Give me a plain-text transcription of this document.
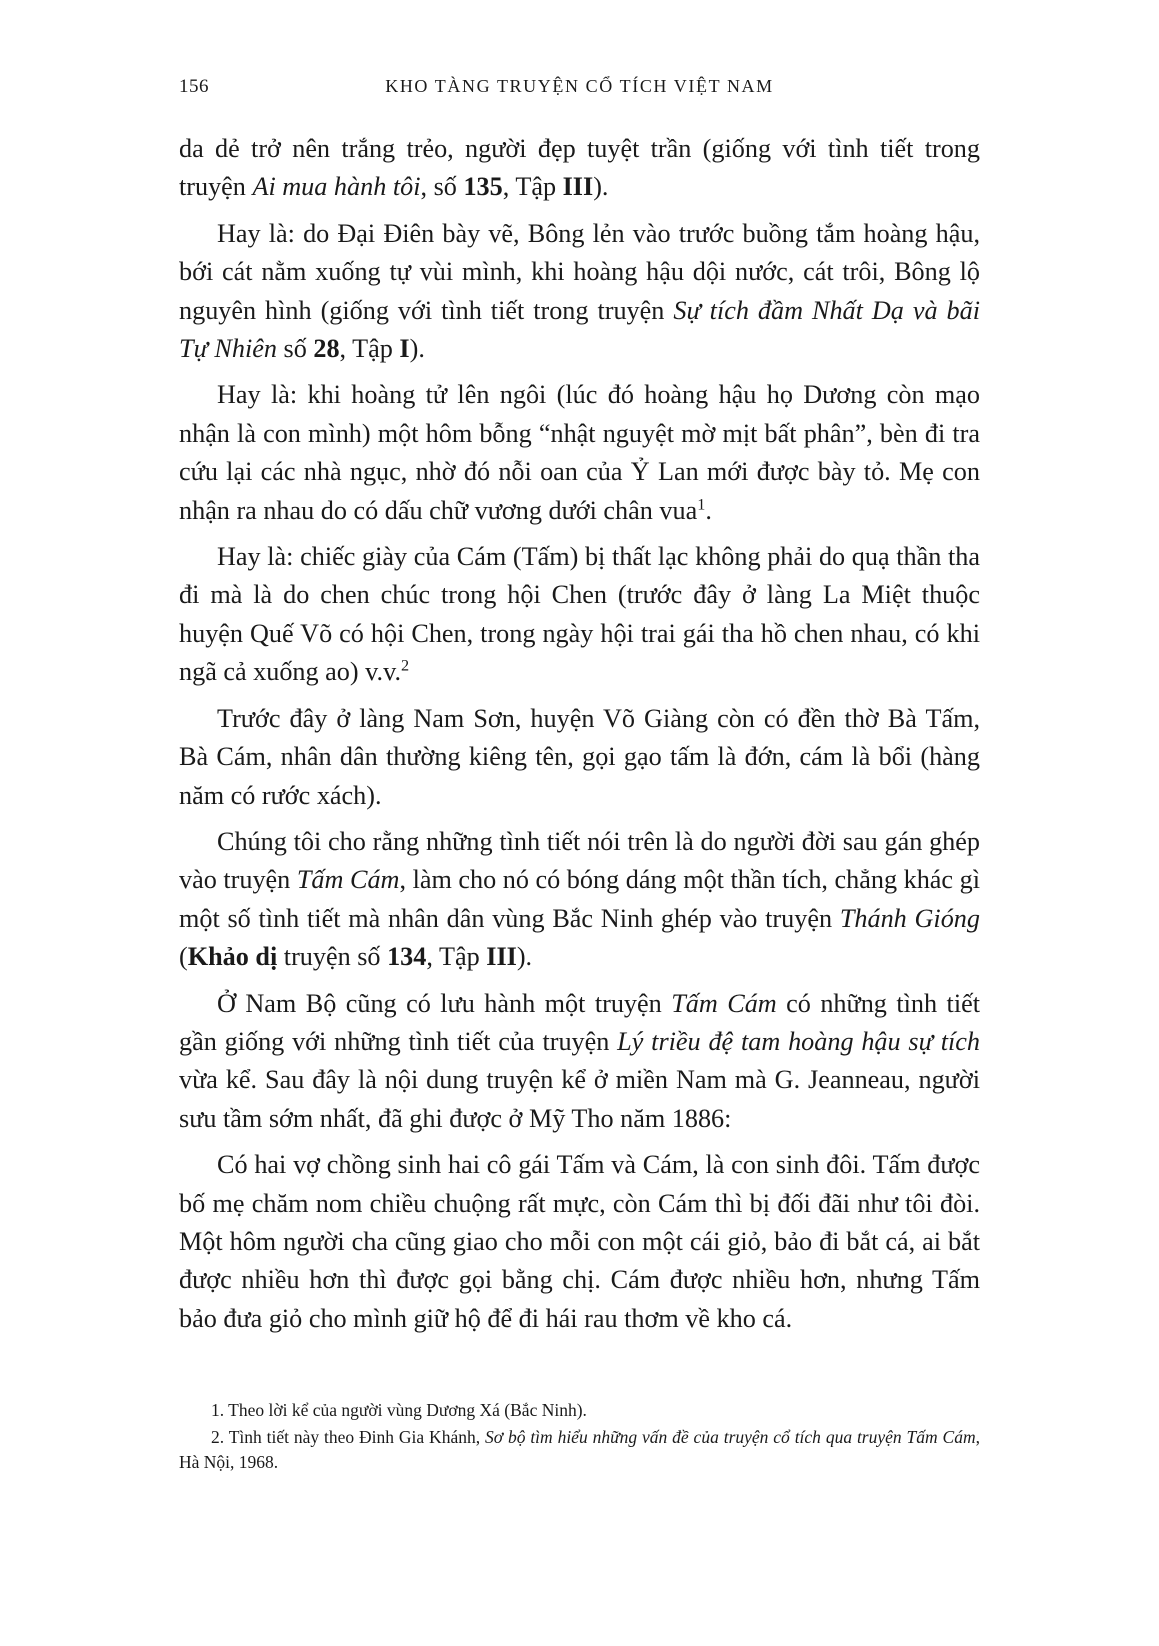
156	KHO TÀNG TRUYỆN CỔ TÍCH VIỆT NAM

da dẻ trở nên trắng trẻo, người đẹp tuyệt trần (giống với tình tiết trong truyện Ai mua hành tôi, số 135, Tập III).

Hay là: do Đại Điên bày vẽ, Bông lẻn vào trước buồng tắm hoàng hậu, bới cát nằm xuống tự vùi mình, khi hoàng hậu dội nước, cát trôi, Bông lộ nguyên hình (giống với tình tiết trong truyện Sự tích đầm Nhất Dạ và bãi Tự Nhiên số 28, Tập I).

Hay là: khi hoàng tử lên ngôi (lúc đó hoàng hậu họ Dương còn mạo nhận là con mình) một hôm bỗng “nhật nguyệt mờ mịt bất phân”, bèn đi tra cứu lại các nhà ngục, nhờ đó nỗi oan của Ỷ Lan mới được bày tỏ. Mẹ con nhận ra nhau do có dấu chữ vương dưới chân vua$^1$.

Hay là: chiếc giày của Cám (Tấm) bị thất lạc không phải do quạ thần tha đi mà là do chen chúc trong hội Chen (trước đây ở làng La Miệt thuộc huyện Quế Võ có hội Chen, trong ngày hội trai gái tha hồ chen nhau, có khi ngã cả xuống ao) v.v.$^2$

Trước đây ở làng Nam Sơn, huyện Võ Giàng còn có đền thờ Bà Tấm, Bà Cám, nhân dân thường kiêng tên, gọi gạo tấm là đớn, cám là bổi (hàng năm có rước xách).

Chúng tôi cho rằng những tình tiết nói trên là do người đời sau gán ghép vào truyện Tấm Cám, làm cho nó có bóng dáng một thần tích, chẳng khác gì một số tình tiết mà nhân dân vùng Bắc Ninh ghép vào truyện Thánh Gióng (Khảo dị truyện số 134, Tập III).

Ở Nam Bộ cũng có lưu hành một truyện Tấm Cám có những tình tiết gần giống với những tình tiết của truyện Lý triều đệ tam hoàng hậu sự tích vừa kể. Sau đây là nội dung truyện kể ở miền Nam mà G. Jeanneau, người sưu tầm sớm nhất, đã ghi được ở Mỹ Tho năm 1886:

Có hai vợ chồng sinh hai cô gái Tấm và Cám, là con sinh đôi. Tấm được bố mẹ chăm nom chiều chuộng rất mực, còn Cám thì bị đối đãi như tôi đòi. Một hôm người cha cũng giao cho mỗi con một cái giỏ, bảo đi bắt cá, ai bắt được nhiều hơn thì được gọi bằng chị. Cám được nhiều hơn, nhưng Tấm bảo đưa giỏ cho mình giữ hộ để đi hái rau thơm về kho cá.

1. Theo lời kể của người vùng Dương Xá (Bắc Ninh).

2. Tình tiết này theo Đinh Gia Khánh, Sơ bộ tìm hiểu những vấn đề của truyện cổ tích qua truyện Tấm Cám, Hà Nội, 1968.
